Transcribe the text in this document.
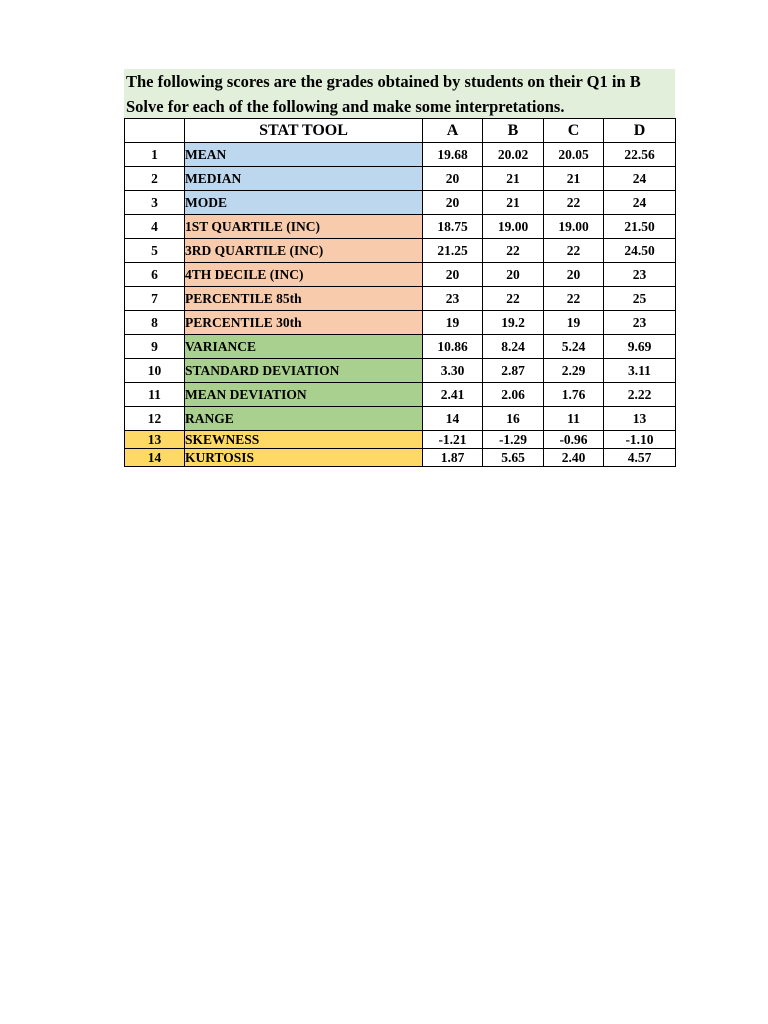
The following scores are the grades obtained by students on their Q1 in B
Solve for each of the following and make some interpretations.
	STAT TOOL	A	B	C	D
1	MEAN	19.68	20.02	20.05	22.56
2	MEDIAN	20	21	21	24
3	MODE	20	21	22	24
4	1ST QUARTILE (INC)	18.75	19.00	19.00	21.50
5	3RD QUARTILE (INC)	21.25	22	22	24.50
6	4TH DECILE (INC)	20	20	20	23
7	PERCENTILE 85th	23	22	22	25
8	PERCENTILE 30th	19	19.2	19	23
9	VARIANCE	10.86	8.24	5.24	9.69
10	STANDARD DEVIATION	3.30	2.87	2.29	3.11
11	MEAN DEVIATION	2.41	2.06	1.76	2.22
12	RANGE	14	16	11	13
13	SKEWNESS	-1.21	-1.29	-0.96	-1.10
14	KURTOSIS	1.87	5.65	2.40	4.57
